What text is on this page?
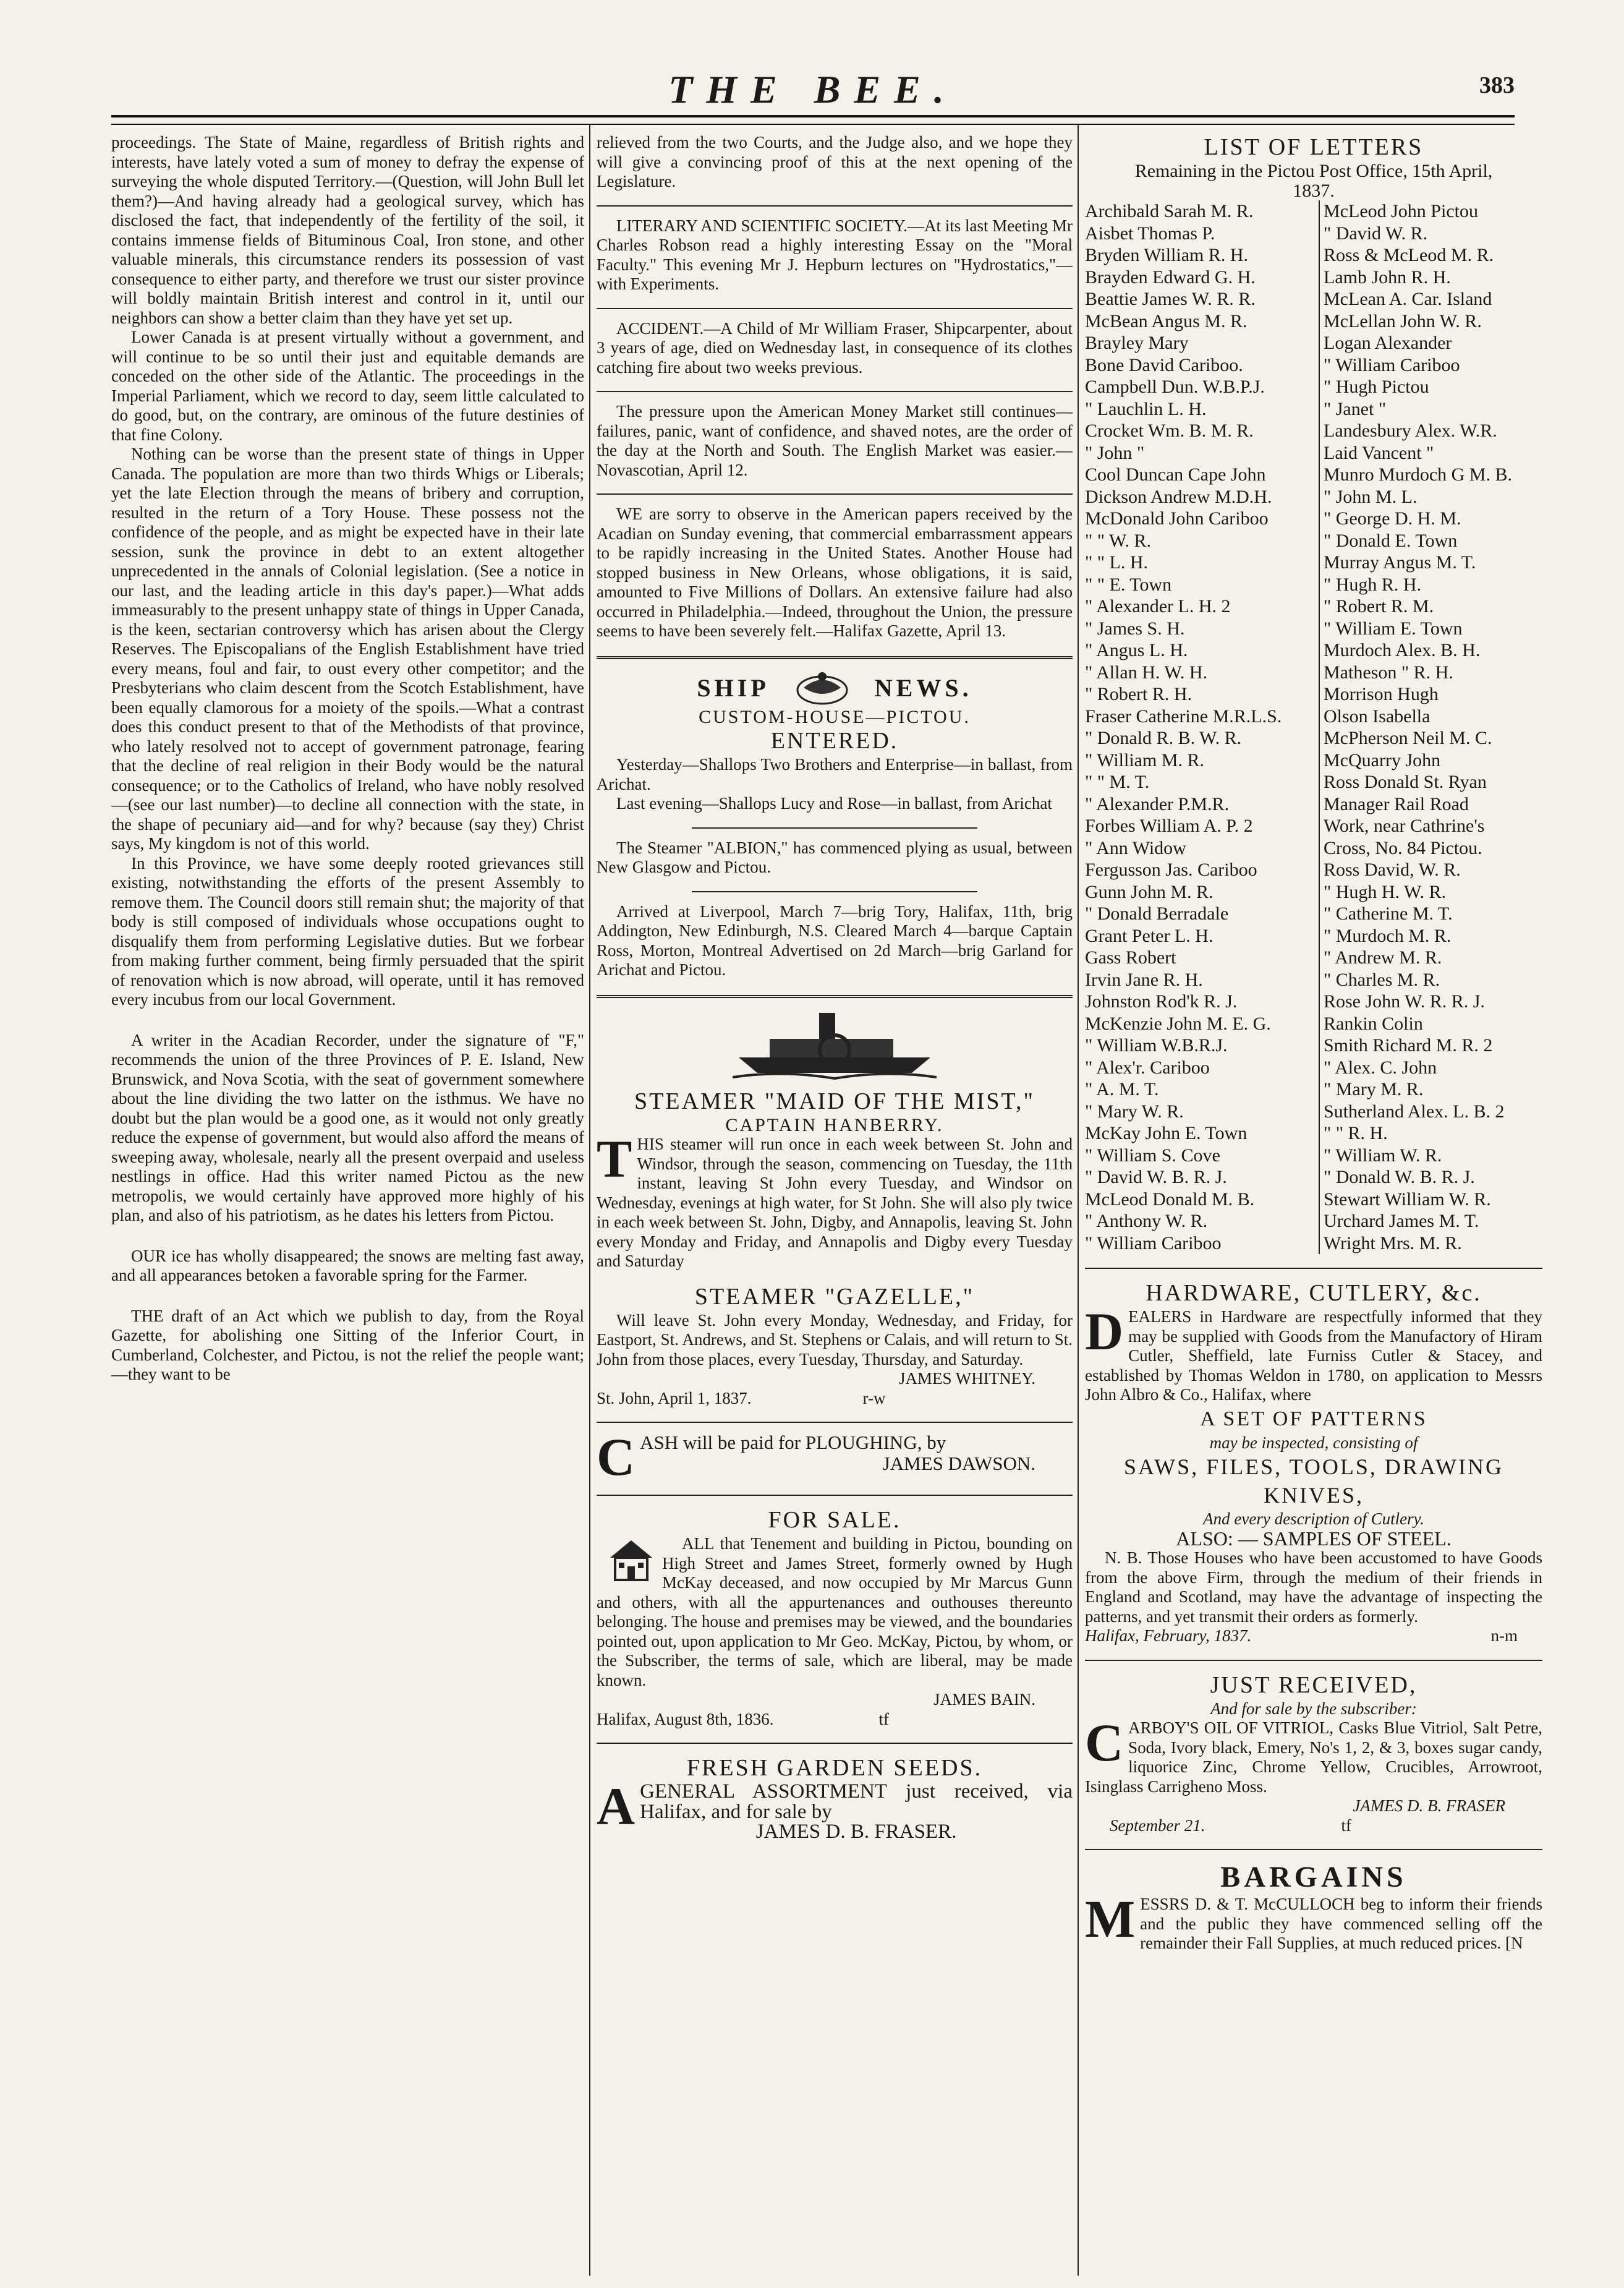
THE BEE.	383

proceedings. The State of Maine, regardless of British rights and interests, have lately voted a sum of money to defray the expense of surveying the whole disputed Territory.—(Question, will John Bull let them?)—And having already had a geological survey, which has disclosed the fact, that independently of the fertility of the soil, it contains immense fields of Bituminous Coal, Iron stone, and other valuable minerals, this circumstance renders its possession of vast consequence to either party, and therefore we trust our sister province will boldly maintain British interest and control in it, until our neighbors can show a better claim than they have yet set up.

Lower Canada is at present virtually without a government, and will continue to be so until their just and equitable demands are conceded on the other side of the Atlantic. The proceedings in the Imperial Parliament, which we record to day, seem little calculated to do good, but, on the contrary, are ominous of the future destinies of that fine Colony.

Nothing can be worse than the present state of things in Upper Canada. The population are more than two thirds Whigs or Liberals; yet the late Election through the means of bribery and corruption, resulted in the return of a Tory House. These possess not the confidence of the people, and as might be expected have in their late session, sunk the province in debt to an extent altogether unprecedented in the annals of Colonial legislation. (See a notice in our last, and the leading article in this day's paper.)—What adds immeasurably to the present unhappy state of things in Upper Canada, is the keen, sectarian controversy which has arisen about the Clergy Reserves. The Episcopalians of the English Establishment have tried every means, foul and fair, to oust every other competitor; and the Presbyterians who claim descent from the Scotch Establishment, have been equally clamorous for a moiety of the spoils.—What a contrast does this conduct present to that of the Methodists of that province, who lately resolved not to accept of government patronage, fearing that the decline of real religion in their Body would be the natural consequence; or to the Catholics of Ireland, who have nobly resolved—(see our last number)—to decline all connection with the state, in the shape of pecuniary aid—and for why? because (say they) Christ says, My kingdom is not of this world.

In this Province, we have some deeply rooted grievances still existing, notwithstanding the efforts of the present Assembly to remove them. The Council doors still remain shut; the majority of that body is still composed of individuals whose occupations ought to disqualify them from performing Legislative duties. But we forbear from making further comment, being firmly persuaded that the spirit of renovation which is now abroad, will operate, until it has removed every incubus from our local Government.

A writer in the Acadian Recorder, under the signature of "F," recommends the union of the three Provinces of P. E. Island, New Brunswick, and Nova Scotia, with the seat of government somewhere about the line dividing the two latter on the isthmus. We have no doubt but the plan would be a good one, as it would not only greatly reduce the expense of government, but would also afford the means of sweeping away, wholesale, nearly all the present overpaid and useless nestlings in office. Had this writer named Pictou as the new metropolis, we would certainly have approved more highly of his plan, and also of his patriotism, as he dates his letters from Pictou.

OUR ice has wholly disappeared; the snows are melting fast away, and all appearances betoken a favorable spring for the Farmer.

THE draft of an Act which we publish to day, from the Royal Gazette, for abolishing one Sitting of the Inferior Court, in Cumberland, Colchester, and Pictou, is not the relief the people want;—they want to be

relieved from the two Courts, and the Judge also, and we hope they will give a convincing proof of this at the next opening of the Legislature.

LITERARY AND SCIENTIFIC SOCIETY.—At its last Meeting Mr Charles Robson read a highly interesting Essay on the "Moral Faculty." This evening Mr J. Hepburn lectures on "Hydrostatics,"—with Experiments.

ACCIDENT.—A Child of Mr William Fraser, Shipcarpenter, about 3 years of age, died on Wednesday last, in consequence of its clothes catching fire about two weeks previous.

The pressure upon the American Money Market still continues—failures, panic, want of confidence, and shaved notes, are the order of the day at the North and South. The English Market was easier.—Novascotian, April 12.

WE are sorry to observe in the American papers received by the Acadian on Sunday evening, that commercial embarrassment appears to be rapidly increasing in the United States. Another House had stopped business in New Orleans, whose obligations, it is said, amounted to Five Millions of Dollars. An extensive failure had also occurred in Philadelphia.—Indeed, throughout the Union, the pressure seems to have been severely felt.—Halifax Gazette, April 13.

SHIP	NEWS.
CUSTOM-HOUSE—PICTOU.
ENTERED.

Yesterday—Shallops Two Brothers and Enterprise—in ballast, from Arichat.

Last evening—Shallops Lucy and Rose—in ballast, from Arichat

The Steamer "ALBION," has commenced plying as usual, between New Glasgow and Pictou.

Arrived at Liverpool, March 7—brig Tory, Halifax, 11th, brig Addington, New Edinburgh, N.S. Cleared March 4—barque Captain Ross, Morton, Montreal Advertised on 2d March—brig Garland for Arichat and Pictou.

STEAMER "MAID OF THE MIST,"
CAPTAIN HANBERRY.

THIS steamer will run once in each week between St. John and Windsor, through the season, commencing on Tuesday, the 11th instant, leaving St John every Tuesday, and Windsor on Wednesday, evenings at high water, for St John. She will also ply twice in each week between St. John, Digby, and Annapolis, leaving St. John every Monday and Friday, and Annapolis and Digby every Tuesday and Saturday

STEAMER "GAZELLE,"

Will leave St. John every Monday, Wednesday, and Friday, for Eastport, St. Andrews, and St. Stephens or Calais, and will return to St. John from those places, every Tuesday, Thursday, and Saturday.

JAMES WHITNEY.

St. John, April 1, 1837.	r-w

CASH will be paid for PLOUGHING, by

JAMES DAWSON.

FOR SALE.

ALL that Tenement and building in Pictou, bounding on High Street and James Street, formerly owned by Hugh McKay deceased, and now occupied by Mr Marcus Gunn and others, with all the appurtenances and outhouses thereunto belonging. The house and premises may be viewed, and the boundaries pointed out, upon application to Mr Geo. McKay, Pictou, by whom, or the Subscriber, the terms of sale, which are liberal, may be made known.

JAMES BAIN.

Halifax, August 8th, 1836.	tf

FRESH GARDEN SEEDS.

AGENERAL ASSORTMENT just received, via Halifax, and for sale by

JAMES D. B. FRASER.

LIST OF LETTERS
Remaining in the Pictou Post Office, 15th April,
1837.
Archibald Sarah M. R.	McLeod John Pictou
Aisbet Thomas P.	" David W. R.
Bryden William R. H.	Ross & McLeod M. R.
Brayden Edward G. H.	Lamb John R. H.
Beattie James W. R. R.	McLean A. Car. Island
McBean Angus M. R.	McLellan John W. R.
Brayley Mary	Logan Alexander
Bone David Cariboo.	" William Cariboo
Campbell Dun. W.B.P.J.	" Hugh Pictou
" Lauchlin L. H.	" Janet "
Crocket Wm. B. M. R.	Landesbury Alex. W.R.
" John "	Laid Vancent "
Cool Duncan Cape John	Munro Murdoch G M. B.
Dickson Andrew M.D.H.	" John M. L.
McDonald John Cariboo	" George D. H. M.
" " W. R.	" Donald E. Town
" " L. H.	Murray Angus M. T.
" " E. Town	" Hugh R. H.
" Alexander L. H. 2	" Robert R. M.
" James S. H.	" William E. Town
" Angus L. H.	Murdoch Alex. B. H.
" Allan H. W. H.	Matheson " R. H.
" Robert R. H.	Morrison Hugh
Fraser Catherine M.R.L.S.	Olson Isabella
" Donald R. B. W. R.	McPherson Neil M. C.
" William M. R.	McQuarry John
" " M. T.	Ross Donald St. Ryan
" Alexander P.M.R.	Manager Rail Road
Forbes William A. P. 2	Work, near Cathrine's
" Ann Widow	Cross, No. 84 Pictou.
Fergusson Jas. Cariboo	Ross David, W. R.
Gunn John M. R.	" Hugh H. W. R.
" Donald Berradale	" Catherine M. T.
Grant Peter L. H.	" Murdoch M. R.
Gass Robert	" Andrew M. R.
Irvin Jane R. H.	" Charles M. R.
Johnston Rod'k R. J.	Rose John W. R. R. J.
McKenzie John M. E. G.	Rankin Colin
" William W.B.R.J.	Smith Richard M. R. 2
" Alex'r. Cariboo	" Alex. C. John
" A. M. T.	" Mary M. R.
" Mary W. R.	Sutherland Alex. L. B. 2
McKay John E. Town	" " R. H.
" William S. Cove	" William W. R.
" David W. B. R. J.	" Donald W. B. R. J.
McLeod Donald M. B.	Stewart William W. R.
" Anthony W. R.	Urchard James M. T.
" William Cariboo	Wright Mrs. M. R.
HARDWARE, CUTLERY, &c.

DEALERS in Hardware are respectfully informed that they may be supplied with Goods from the Manufactory of Hiram Cutler, Sheffield, late Furniss Cutler & Stacey, and established by Thomas Weldon in 1780, on application to Messrs John Albro & Co., Halifax, where

A SET OF PATTERNS
may be inspected, consisting of
SAWS, FILES, TOOLS, DRAWING
KNIVES,
And every description of Cutlery.
ALSO: — SAMPLES OF STEEL.

N. B. Those Houses who have been accustomed to have Goods from the above Firm, through the medium of their friends in England and Scotland, may have the advantage of inspecting the patterns, and yet transmit their orders as formerly.

Halifax, February, 1837.	n-m

JUST RECEIVED,
And for sale by the subscriber:

CARBOY'S OIL OF VITRIOL, Casks Blue Vitriol, Salt Petre, Soda, Ivory black, Emery, No's 1, 2, & 3, boxes sugar candy, liquorice Zinc, Chrome Yellow, Crucibles, Arrowroot, Isinglass Carrigheno Moss.

JAMES D. B. FRASER

September 21.	tf

BARGAINS

MESSRS D. & T. McCULLOCH beg to inform their friends and the public they have commenced selling off the remainder their Fall Supplies, at much reduced prices. [N
